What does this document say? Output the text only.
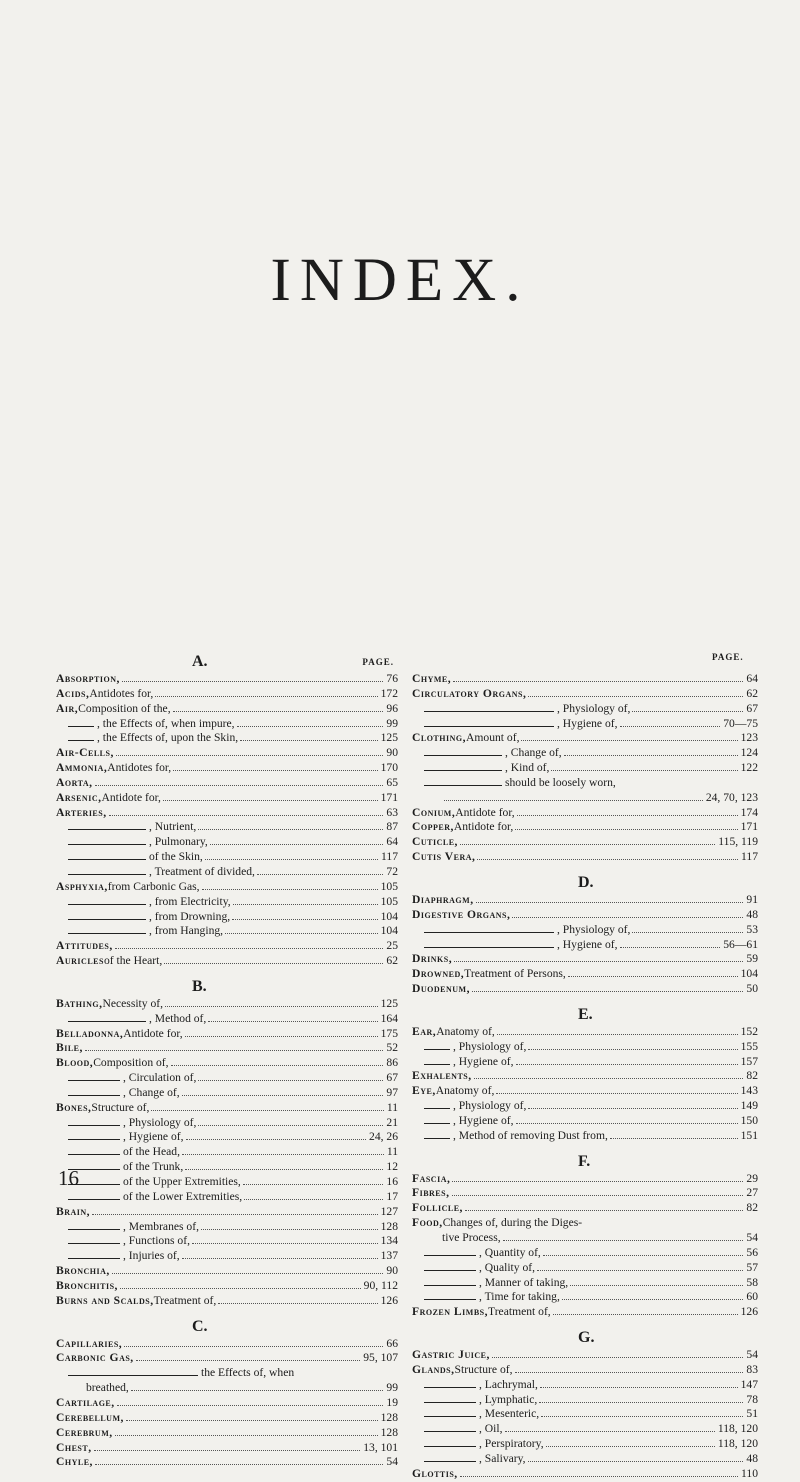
INDEX.
PAGE.
A.	PAGE.
Absorption,	76
Acids, Antidotes for,	172
Air, Composition of the,	96
, the Effects of, when impure,	99
, the Effects of, upon the Skin,	125
Air-Cells,	90
Ammonia, Antidotes for,	170
Aorta,	65
Arsenic, Antidote for,	171
Arteries,	63
, Nutrient,	87
, Pulmonary,	64
of the Skin,	117
, Treatment of divided,	72
Asphyxia, from Carbonic Gas,	105
, from Electricity,	105
, from Drowning,	104
, from Hanging,	104
Attitudes,	25
Auricles of the Heart,	62
B.
Bathing, Necessity of,	125
, Method of,	164
Belladonna, Antidote for,	175
Bile,	52
Blood, Composition of,	86
, Circulation of,	67
, Change of,	97
Bones, Structure of,	11
, Physiology of,	21
, Hygiene of,	24, 26
of the Head,	11
of the Trunk,	12
of the Upper Extremities,	16
of the Lower Extremities,	17
Brain,	127
, Membranes of,	128
, Functions of,	134
, Injuries of,	137
Bronchia,	90
Bronchitis,	90, 112
Burns and Scalds, Treatment of,	126
C.
Capillaries,	66
Carbonic Gas,	95, 107
the Effects of, when
breathed,	99
Cartilage,	19
Cerebellum,	128
Cerebrum,	128
Chest,	13, 101
Chyle,	54
Chyme,	64
Circulatory Organs,	62
, Physiology of,	67
, Hygiene of,	70—75
Clothing, Amount of,	123
, Change of,	124
, Kind of,	122
should be loosely worn,
24, 70, 123
Conium, Antidote for,	174
Copper, Antidote for,	171
Cuticle,	115, 119
Cutis Vera,	117
D.
Diaphragm,	91
Digestive Organs,	48
, Physiology of,	53
, Hygiene of,	56—61
Drinks,	59
Drowned, Treatment of Persons,	104
Duodenum,	50
E.
Ear, Anatomy of,	152
, Physiology of,	155
, Hygiene of,	157
Exhalents,	82
Eye, Anatomy of,	143
, Physiology of,	149
, Hygiene of,	150
, Method of removing Dust from,	151
F.
Fascia,	29
Fibres,	27
Follicle,	82
Food, Changes of, during the Diges-
tive Process,	54
, Quantity of,	56
, Quality of,	57
, Manner of taking,	58
, Time for taking,	60
Frozen Limbs, Treatment of,	126
G.
Gastric Juice,	54
Glands, Structure of,	83
, Lachrymal,	147
, Lymphatic,	78
, Mesenteric,	51
, Oil,	118, 120
, Perspiratory,	118, 120
, Salivary,	48
Glottis,	110
16
